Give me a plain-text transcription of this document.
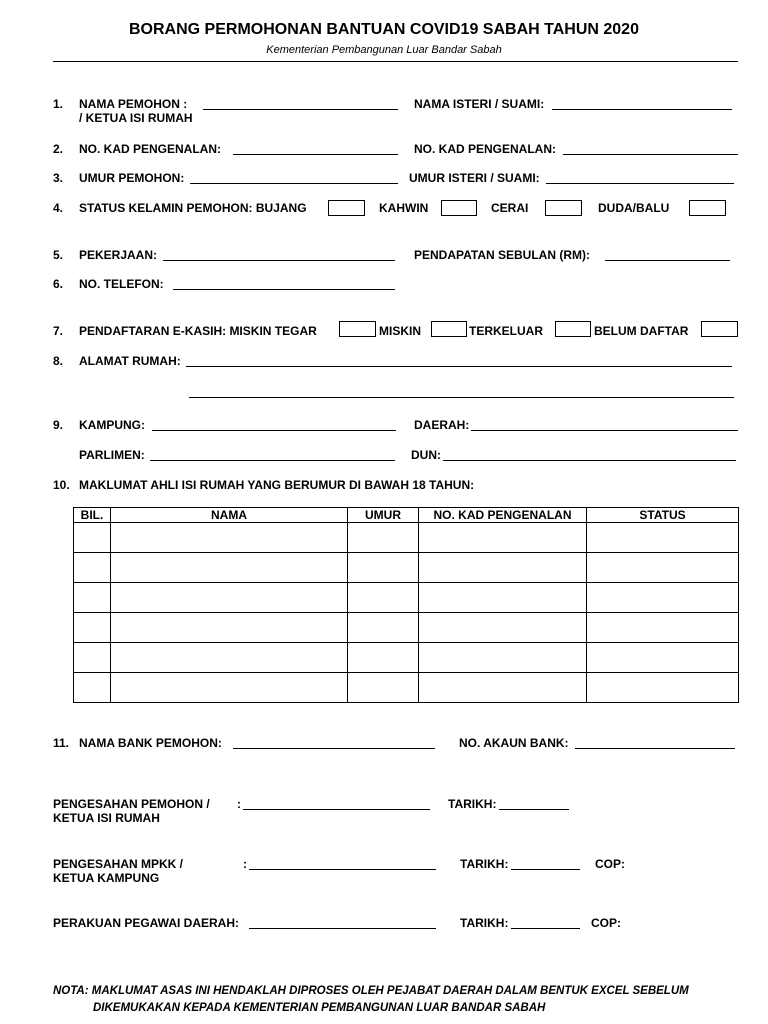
BORANG PERMOHONAN BANTUAN COVID19 SABAH TAHUN 2020
Kementerian Pembangunan Luar Bandar Sabah
1. NAMA PEMOHON :
/ KETUA ISI RUMAH
NAMA ISTERI / SUAMI:
2. NO. KAD PENGENALAN:	NO. KAD PENGENALAN:
3. UMUR PEMOHON:	UMUR ISTERI / SUAMI:
4. STATUS KELAMIN PEMOHON: BUJANG	KAHWIN	CERAI	DUDA/BALU
5. PEKERJAAN:	PENDAPATAN SEBULAN (RM):
6. NO. TELEFON:
7. PENDAFTARAN E-KASIH: MISKIN TEGAR	MISKIN	TERKELUAR	BELUM DAFTAR
8. ALAMAT RUMAH:
9. KAMPUNG:	DAERAH:
PARLIMEN:	DUN:
10. MAKLUMAT AHLI ISI RUMAH YANG BERUMUR DI BAWAH 18 TAHUN:
BIL.	NAMA	UMUR	NO. KAD PENGENALAN	STATUS

11. NAMA BANK PEMOHON:	NO. AKAUN BANK:
PENGESAHAN PEMOHON /
KETUA ISI RUMAH
:	TARIKH:
PENGESAHAN MPKK /
KETUA KAMPUNG
:	TARIKH:	COP:
PERAKUAN PEGAWAI DAERAH:	TARIKH:	COP:
NOTA: MAKLUMAT ASAS INI HENDAKLAH DIPROSES OLEH PEJABAT DAERAH DALAM BENTUK EXCEL SEBELUM
DIKEMUKAKAN KEPADA KEMENTERIAN PEMBANGUNAN LUAR BANDAR SABAH
